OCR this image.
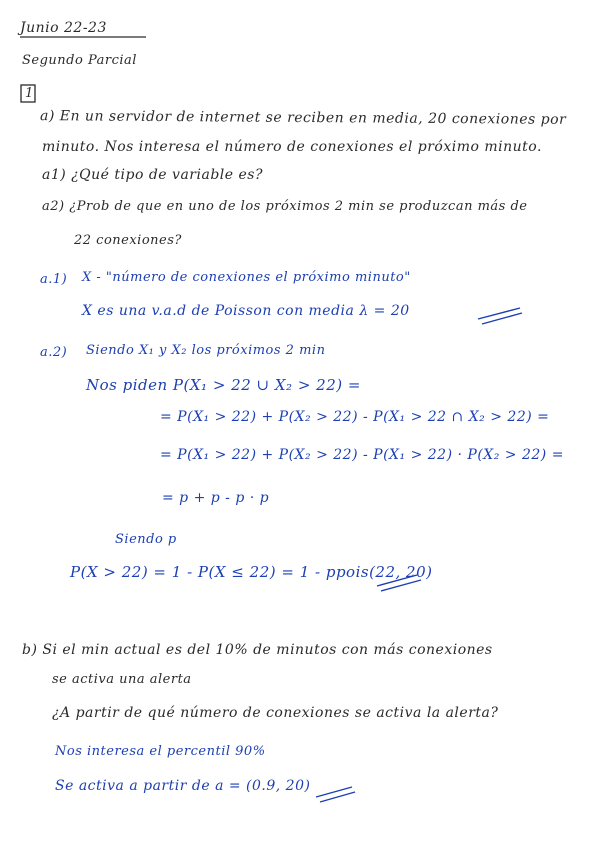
Junio 22-23
Segundo Parcial
1
a) En un servidor de internet se reciben en media, 20 conexiones por
minuto. Nos interesa el número de conexiones el próximo minuto.
a1) ¿Qué tipo de variable es?
a2) ¿Prob de que en uno de los próximos 2 min se produzcan más de
22 conexiones?
a.1) X - "número de conexiones el próximo minuto"
X es una v.a.d de Poisson con media λ = 20
a.2) Siendo X₁ y X₂ los próximos 2 min
Nos piden P(X₁ > 22 ∪ X₂ > 22) =
= P(X₁ > 22) + P(X₂ > 22) - P(X₁ > 22 ∩ X₂ > 22) =
= P(X₁ > 22) + P(X₂ > 22) - P(X₁ > 22) · P(X₂ > 22) =
= p + p - p · p
Siendo p
P(X > 22) = 1 - P(X ≤ 22) = 1 - ppois(22, 20)
b) Si el min actual es del 10% de minutos con más conexiones
se activa una alerta
¿A partir de qué número de conexiones se activa la alerta?
Nos interesa el percentil 90%
Se activa a partir de a = (0.9, 20)
